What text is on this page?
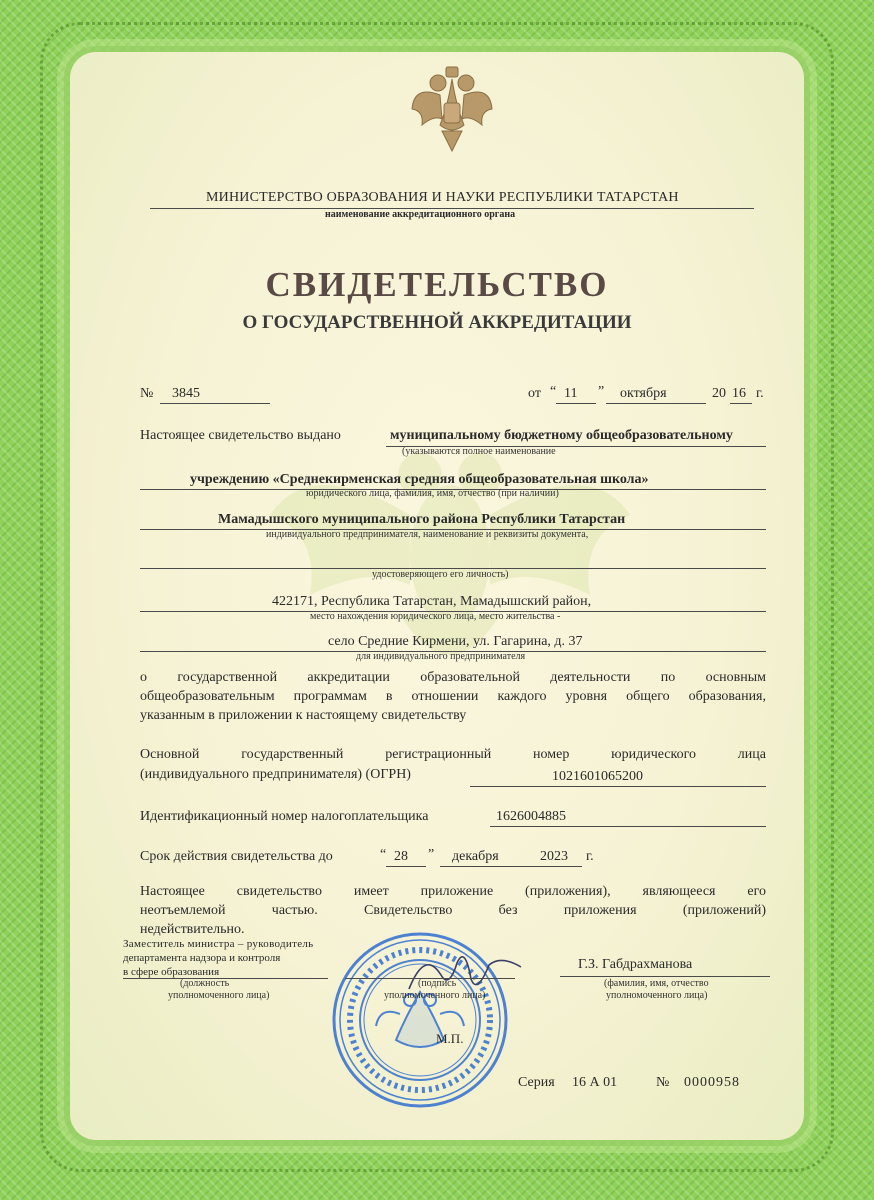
МИНИСТЕРСТВО ОБРАЗОВАНИЯ И НАУКИ РЕСПУБЛИКИ ТАТАРСТАН
наименование аккредитационного органа
СВИДЕТЕЛЬСТВО
О ГОСУДАРСТВЕННОЙ АККРЕДИТАЦИИ
№ 3845	от “ 11 ” октября	20 16 г.
Настоящее свидетельство выдано	муниципальному бюджетному общеобразовательному
(указываются полное наименование
учреждению «Среднекирменская средняя общеобразовательная школа»
юридического лица, фамилия, имя, отчество (при наличии)
Мамадышского муниципального района Республики Татарстан
индивидуального предпринимателя, наименование и реквизиты документа,
удостоверяющего его личность)
422171, Республика Татарстан, Мамадышский район,
место нахождения юридического лица, место жительства -
село Средние Кирмени, ул. Гагарина, д. 37
для индивидуального предпринимателя
о государственной аккредитации образовательной деятельности по основным
общеобразовательным программам в отношении каждого уровня общего образования,
указанным в приложении к настоящему свидетельству
Основной государственный регистрационный номер юридического лица
(индивидуального предпринимателя) (ОГРН)	1021601065200
Идентификационный номер налогоплательщика	1626004885
Срок действия свидетельства до	“ 28 ” декабря	2023 г.
Настоящее свидетельство имеет приложение (приложения), являющееся его
неотъемлемой частью. Свидетельство без приложения (приложений)
недействительно.
Заместитель министра – руководитель
департамента надзора и контроля
в сфере образования
(должность
уполномоченного лица)
(подпись
уполномоченного лица)
Г.З. Габдрахманова
(фамилия, имя, отчество
уполномоченного лица)
М.П.
Серия 16 А 01	№ 0000958
